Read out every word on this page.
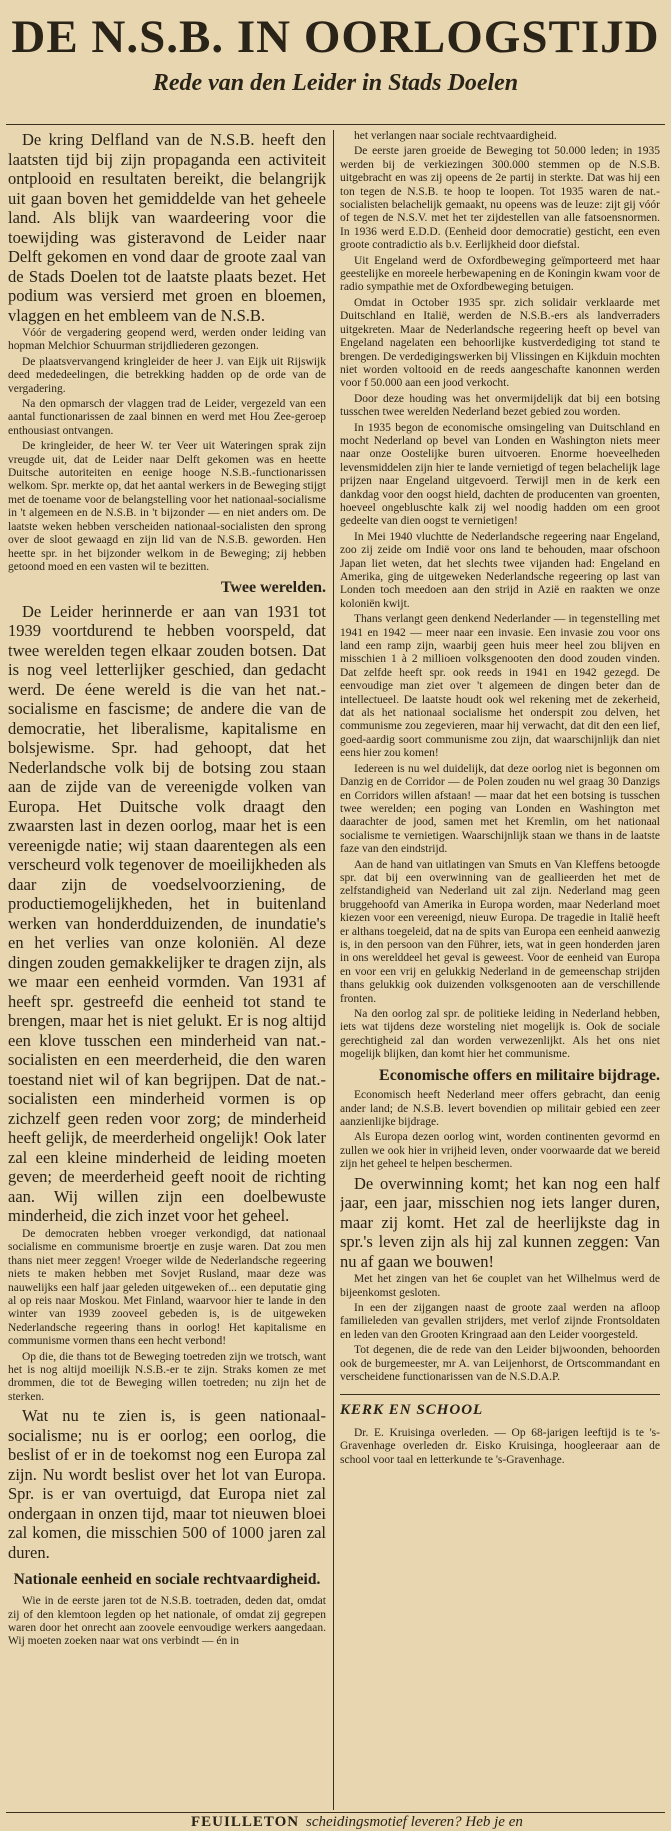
DE N.S.B. IN OORLOGSTIJD
Rede van den Leider in Stads Doelen

De kring Delfland van de N.S.B. heeft den laatsten tijd bij zijn propaganda een activiteit ontplooid en resultaten bereikt, die belangrijk uit gaan boven het gemiddelde van het geheele land. Als blijk van waardeering voor die toewijding was gisteravond de Leider naar Delft gekomen en vond daar de groote zaal van de Stads Doelen tot de laatste plaats bezet. Het podium was versierd met groen en bloemen, vlaggen en het embleem van de N.S.B.

Vóór de vergadering geopend werd, werden onder leiding van hopman Melchior Schuurman strijdliederen gezongen.

De plaatsvervangend kringleider de heer J. van Eijk uit Rijswijk deed mededeelingen, die betrekking hadden op de orde van de vergadering.

Na den opmarsch der vlaggen trad de Leider, vergezeld van een aantal functionarissen de zaal binnen en werd met Hou Zee-geroep enthousiast ontvangen.

De kringleider, de heer W. ter Veer uit Wateringen sprak zijn vreugde uit, dat de Leider naar Delft gekomen was en heette Duitsche autoriteiten en eenige hooge N.S.B.-functionarissen welkom. Spr. merkte op, dat het aantal werkers in de Beweging stijgt met de toename voor de belangstelling voor het nationaal-socialisme in 't algemeen en de N.S.B. in 't bijzonder — en niet anders om. De laatste weken hebben verscheiden nationaal-socialisten den sprong over de sloot gewaagd en zijn lid van de N.S.B. geworden. Hen heette spr. in het bijzonder welkom in de Beweging; zij hebben getoond moed en een vasten wil te bezitten.

Twee werelden.

De Leider herinnerde er aan van 1931 tot 1939 voortdurend te hebben voorspeld, dat twee werelden tegen elkaar zouden botsen. Dat is nog veel letterlijker geschied, dan gedacht werd. De éene wereld is die van het nat.-socialisme en fascisme; de andere die van de democratie, het liberalisme, kapitalisme en bolsjewisme. Spr. had gehoopt, dat het Nederlandsche volk bij de botsing zou staan aan de zijde van de vereenigde volken van Europa. Het Duitsche volk draagt den zwaarsten last in dezen oorlog, maar het is een vereenigde natie; wij staan daarentegen als een verscheurd volk tegenover de moeilijkheden als daar zijn de voedselvoorziening, de productiemogelijkheden, het in buitenland werken van honderdduizenden, de inundatie's en het verlies van onze koloniën. Al deze dingen zouden gemakkelijker te dragen zijn, als we maar een eenheid vormden. Van 1931 af heeft spr. gestreefd die eenheid tot stand te brengen, maar het is niet gelukt. Er is nog altijd een klove tusschen een minderheid van nat.-socialisten en een meerderheid, die den waren toestand niet wil of kan begrijpen. Dat de nat.-socialisten een minderheid vormen is op zichzelf geen reden voor zorg; de minderheid heeft gelijk, de meerderheid ongelijk! Ook later zal een kleine minderheid de leiding moeten geven; de meerderheid geeft nooit de richting aan. Wij willen zijn een doelbewuste minderheid, die zich inzet voor het geheel.

De democraten hebben vroeger verkondigd, dat nationaal socialisme en communisme broertje en zusje waren. Dat zou men thans niet meer zeggen! Vroeger wilde de Nederlandsche regeering niets te maken hebben met Sovjet Rusland, maar deze was nauwelijks een half jaar geleden uitgeweken of... een deputatie ging al op reis naar Moskou. Met Finland, waarvoor hier te lande in den winter van 1939 zooveel gebeden is, is de uitgeweken Nederlandsche regeering thans in oorlog! Het kapitalisme en communisme vormen thans een hecht verbond!

Op die, die thans tot de Beweging toetreden zijn we trotsch, want het is nog altijd moeilijk N.S.B.-er te zijn. Straks komen ze met drommen, die tot de Beweging willen toetreden; nu zijn het de sterken.

Wat nu te zien is, is geen nationaal-socialisme; nu is er oorlog; een oorlog, die beslist of er in de toekomst nog een Europa zal zijn. Nu wordt beslist over het lot van Europa. Spr. is er van overtuigd, dat Europa niet zal ondergaan in onzen tijd, maar tot nieuwen bloei zal komen, die misschien 500 of 1000 jaren zal duren.

Nationale eenheid en sociale rechtvaardigheid.

Wie in de eerste jaren tot de N.S.B. toetraden, deden dat, omdat zij of den klemtoon legden op het nationale, of omdat zij gegrepen waren door het onrecht aan zoovele eenvoudige werkers aangedaan. Wij moeten zoeken naar wat ons verbindt — én in

het verlangen naar sociale rechtvaardigheid.

De eerste jaren groeide de Beweging tot 50.000 leden; in 1935 werden bij de verkiezingen 300.000 stemmen op de N.S.B. uitgebracht en was zij opeens de 2e partij in sterkte. Dat was hij een ton tegen de N.S.B. te hoop te loopen. Tot 1935 waren de nat.-socialisten belachelijk gemaakt, nu opeens was de leuze: zijt gij vóór of tegen de N.S.V. met het ter zijdestellen van alle fatsoensnormen. In 1936 werd E.D.D. (Eenheid door democratie) gesticht, een even groote contradictio als b.v. Eerlijkheid door diefstal.

Uit Engeland werd de Oxfordbeweging geïmporteerd met haar geestelijke en moreele herbewapening en de Koningin kwam voor de radio sympathie met de Oxfordbeweging betuigen.

Omdat in October 1935 spr. zich solidair verklaarde met Duitschland en Italië, werden de N.S.B.-ers als landverraders uitgekreten. Maar de Nederlandsche regeering heeft op bevel van Engeland nagelaten een behoorlijke kustverdediging tot stand te brengen. De verdedigingswerken bij Vlissingen en Kijkduin mochten niet worden voltooid en de reeds aangeschafte kanonnen werden voor f 50.000 aan een jood verkocht.

Door deze houding was het onvermijdelijk dat bij een botsing tusschen twee werelden Nederland bezet gebied zou worden.

In 1935 begon de economische omsingeling van Duitschland en mocht Nederland op bevel van Londen en Washington niets meer naar onze Oostelijke buren uitvoeren. Enorme hoeveelheden levensmiddelen zijn hier te lande vernietigd of tegen belachelijk lage prijzen naar Engeland uitgevoerd. Terwijl men in de kerk een dankdag voor den oogst hield, dachten de producenten van groenten, hoeveel ongebluschte kalk zij wel noodig hadden om een groot gedeelte van dien oogst te vernietigen!

In Mei 1940 vluchtte de Nederlandsche regeering naar Engeland, zoo zij zeide om Indië voor ons land te behouden, maar ofschoon Japan liet weten, dat het slechts twee vijanden had: Engeland en Amerika, ging de uitgeweken Nederlandsche regeering op last van Londen toch meedoen aan den strijd in Azië en raakten we onze koloniën kwijt.

Thans verlangt geen denkend Nederlander — in tegenstelling met 1941 en 1942 — meer naar een invasie. Een invasie zou voor ons land een ramp zijn, waarbij geen huis meer heel zou blijven en misschien 1 à 2 millioen volksgenooten den dood zouden vinden. Dat zelfde heeft spr. ook reeds in 1941 en 1942 gezegd. De eenvoudige man ziet over 't algemeen de dingen beter dan de intellectueel. De laatste houdt ook wel rekening met de zekerheid, dat als het nationaal socialisme het onderspit zou delven, het communisme zou zegevieren, maar hij verwacht, dat dit den een lief, goed-aardig soort communisme zou zijn, dat waarschijnlijk dan niet eens hier zou komen!

Iedereen is nu wel duidelijk, dat deze oorlog niet is begonnen om Danzig en de Corridor — de Polen zouden nu wel graag 30 Danzigs en Corridors willen afstaan! — maar dat het een botsing is tusschen twee werelden; een poging van Londen en Washington met daarachter de jood, samen met het Kremlin, om het nationaal socialisme te vernietigen. Waarschijnlijk staan we thans in de laatste faze van den eindstrijd.

Aan de hand van uitlatingen van Smuts en Van Kleffens betoogde spr. dat bij een overwinning van de geallieerden het met de zelfstandigheid van Nederland uit zal zijn. Nederland mag geen bruggehoofd van Amerika in Europa worden, maar Nederland moet kiezen voor een vereenigd, nieuw Europa. De tragedie in Italië heeft er althans toegeleid, dat na de spits van Europa een eenheid aanwezig is, in den persoon van den Führer, iets, wat in geen honderden jaren in ons werelddeel het geval is geweest. Voor de eenheid van Europa en voor een vrij en gelukkig Nederland in de gemeenschap strijden thans gelukkig ook duizenden volksgenooten aan de verschillende fronten.

Na den oorlog zal spr. de politieke leiding in Nederland hebben, iets wat tijdens deze worsteling niet mogelijk is. Ook de sociale gerechtigheid zal dan worden verwezenlijkt. Als het ons niet mogelijk blijken, dan komt hier het communisme.

Economische offers en militaire bijdrage.

Economisch heeft Nederland meer offers gebracht, dan eenig ander land; de N.S.B. levert bovendien op militair gebied een zeer aanzienlijke bijdrage.

Als Europa dezen oorlog wint, worden continenten gevormd en zullen we ook hier in vrijheid leven, onder voorwaarde dat we bereid zijn het geheel te helpen beschermen.

De overwinning komt; het kan nog een half jaar, een jaar, misschien nog iets langer duren, maar zij komt. Het zal de heerlijkste dag in spr.'s leven zijn als hij zal kunnen zeggen: Van nu af gaan we bouwen!

Met het zingen van het 6e couplet van het Wilhelmus werd de bijeenkomst gesloten.

In een der zijgangen naast de groote zaal werden na afloop familieleden van gevallen strijders, met verlof zijnde Frontsoldaten en leden van den Grooten Kringraad aan den Leider voorgesteld.

Tot degenen, die de rede van den Leider bijwoonden, behoorden ook de burgemeester, mr A. van Leijenhorst, de Ortscommandant en verscheidene functionarissen van de N.S.D.A.P.

KERK EN SCHOOL

Dr. E. Kruisinga overleden. — Op 68-jarigen leeftijd is te 's-Gravenhage overleden dr. Eisko Kruisinga, hoogleeraar aan de school voor taal en letterkunde te 's-Gravenhage.

FEUILLETON scheidingsmotief leveren? Heb je en
